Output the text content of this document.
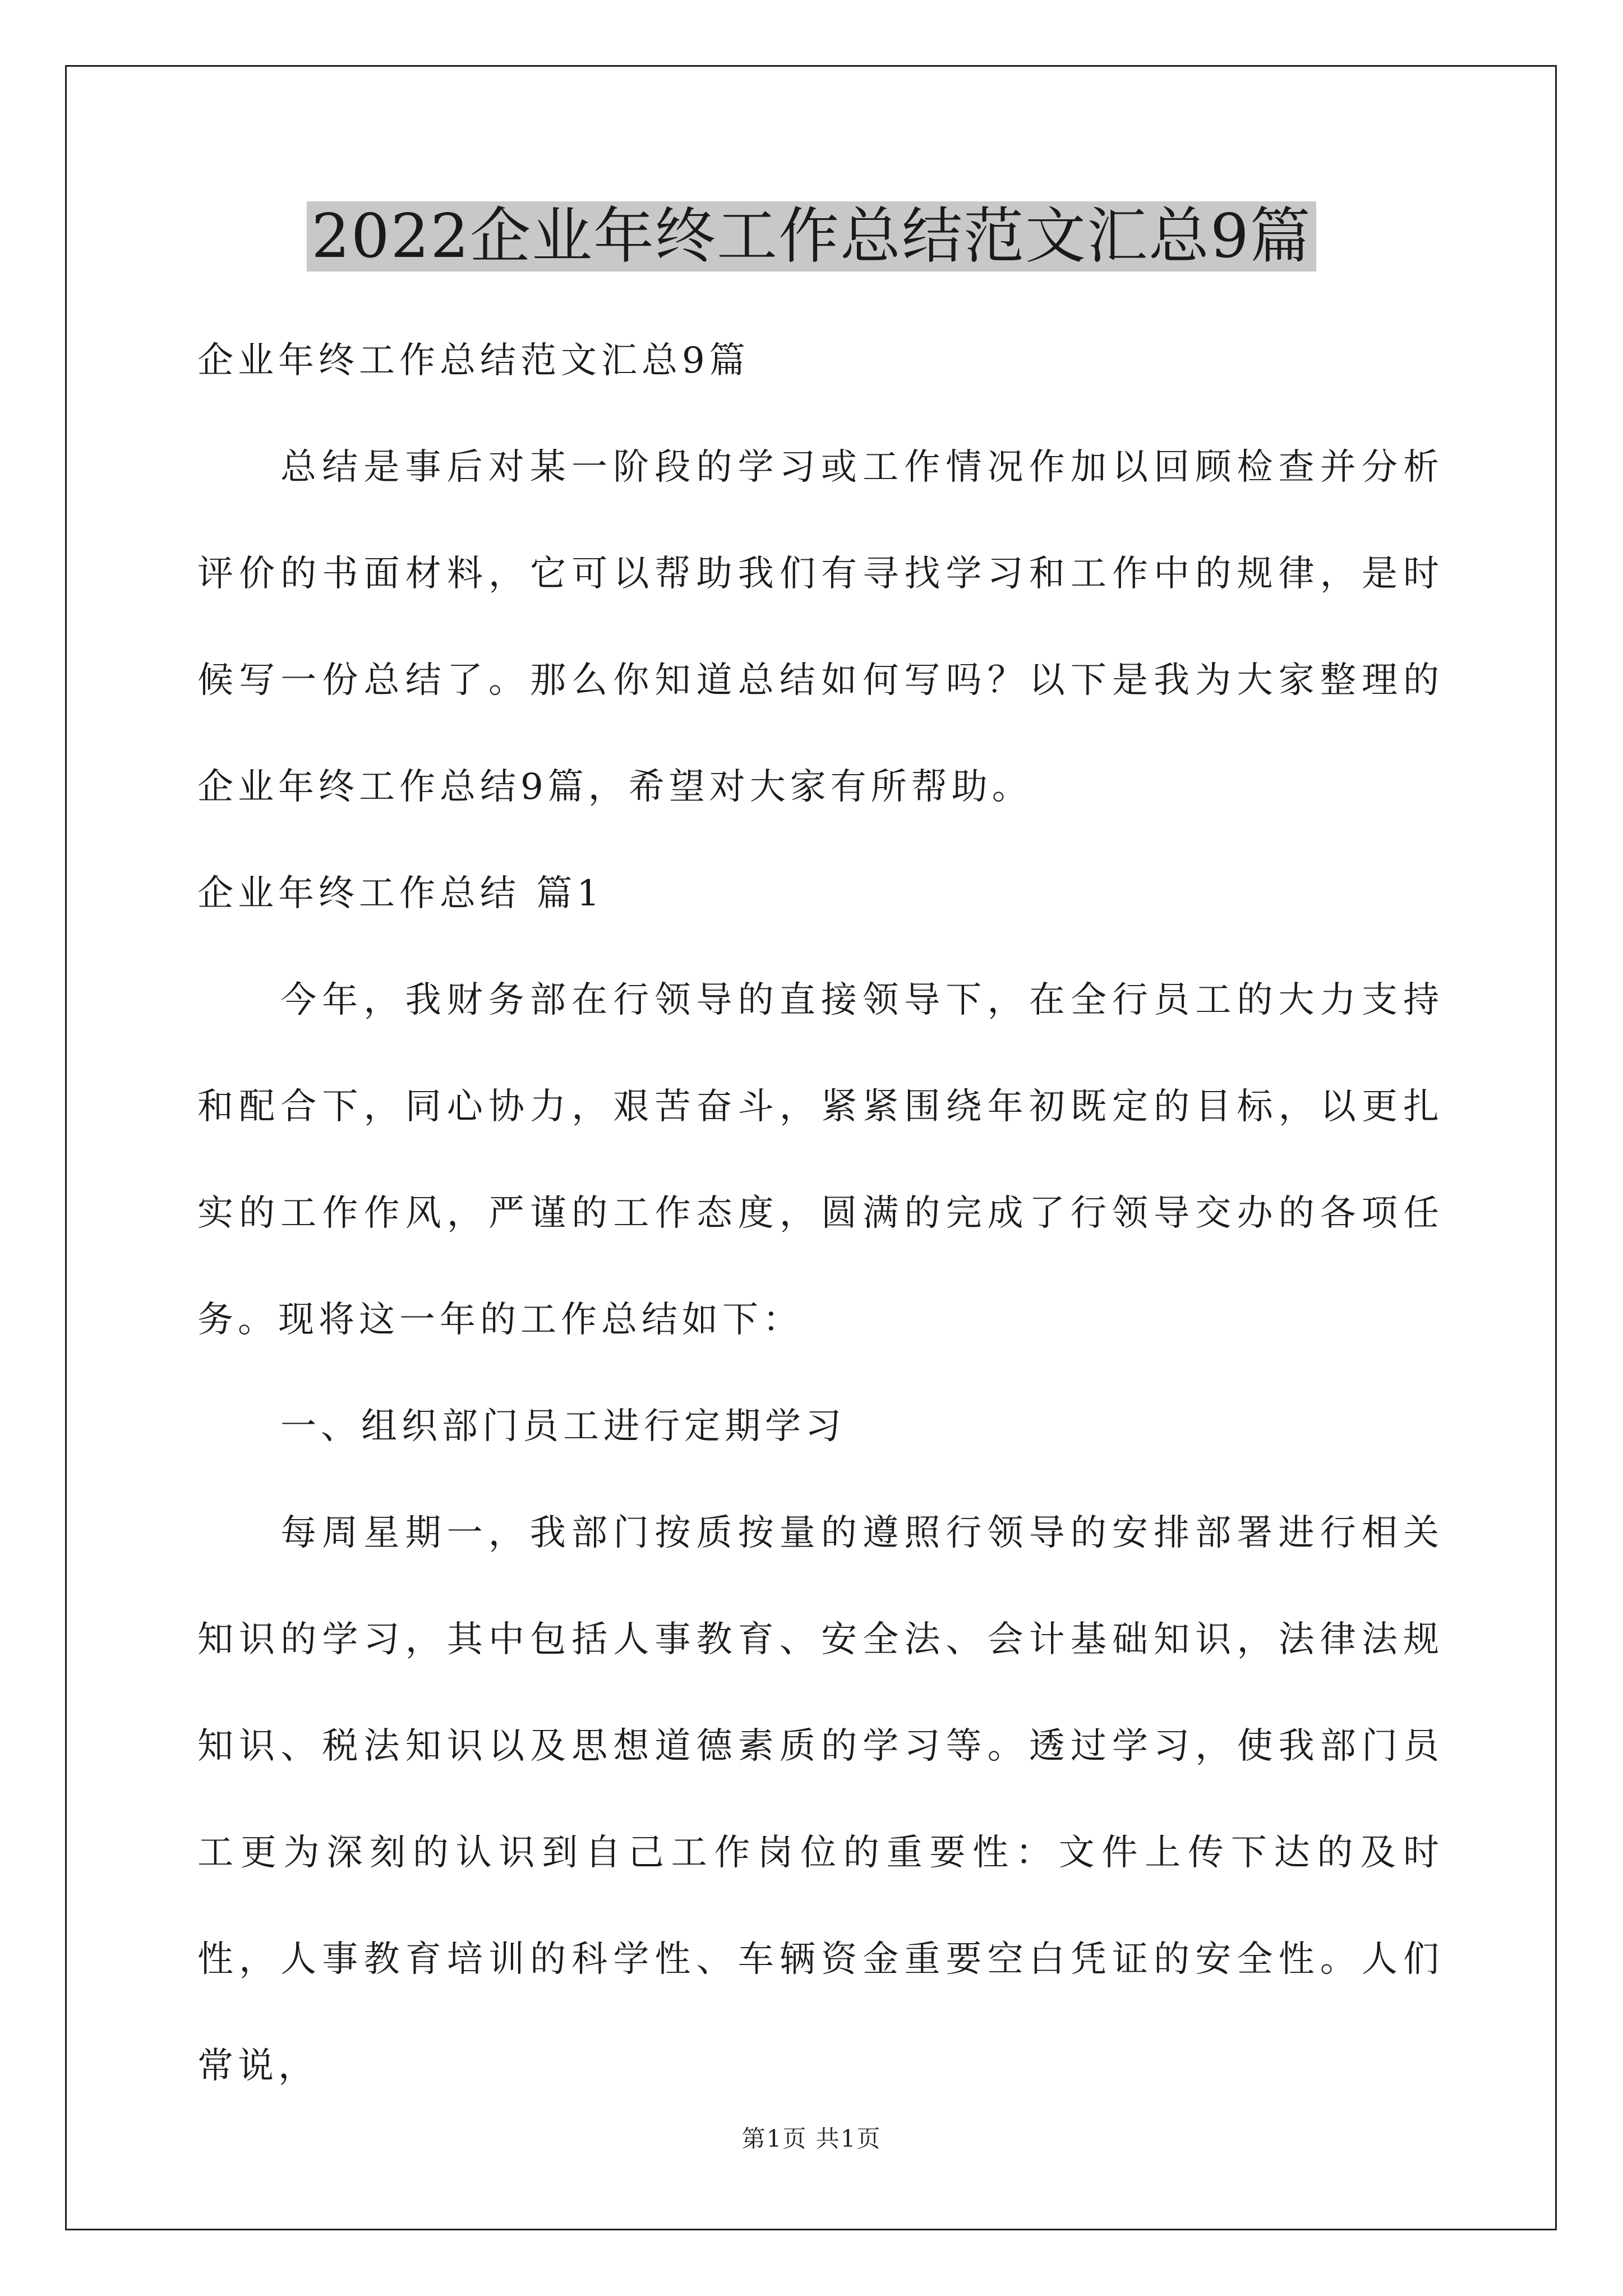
2022企业年终工作总结范文汇总9篇

企业年终工作总结范文汇总9篇

总结是事后对某一阶段的学习或工作情况作加以回顾检查并分析评价的书面材料，它可以帮助我们有寻找学习和工作中的规律，是时候写一份总结了。那么你知道总结如何写吗？以下是我为大家整理的企业年终工作总结9篇，希望对大家有所帮助。

企业年终工作总结 篇1

今年，我财务部在行领导的直接领导下，在全行员工的大力支持和配合下，同心协力，艰苦奋斗，紧紧围绕年初既定的目标，以更扎实的工作作风，严谨的工作态度，圆满的完成了行领导交办的各项任务。现将这一年的工作总结如下：

一、组织部门员工进行定期学习

每周星期一，我部门按质按量的遵照行领导的安排部署进行相关知识的学习，其中包括人事教育、安全法、会计基础知识，法律法规知识、税法知识以及思想道德素质的学习等。透过学习，使我部门员工更为深刻的认识到自己工作岗位的重要性：文件上传下达的及时性，人事教育培训的科学性、车辆资金重要空白凭证的安全性。人们常说，

第1页 共1页
